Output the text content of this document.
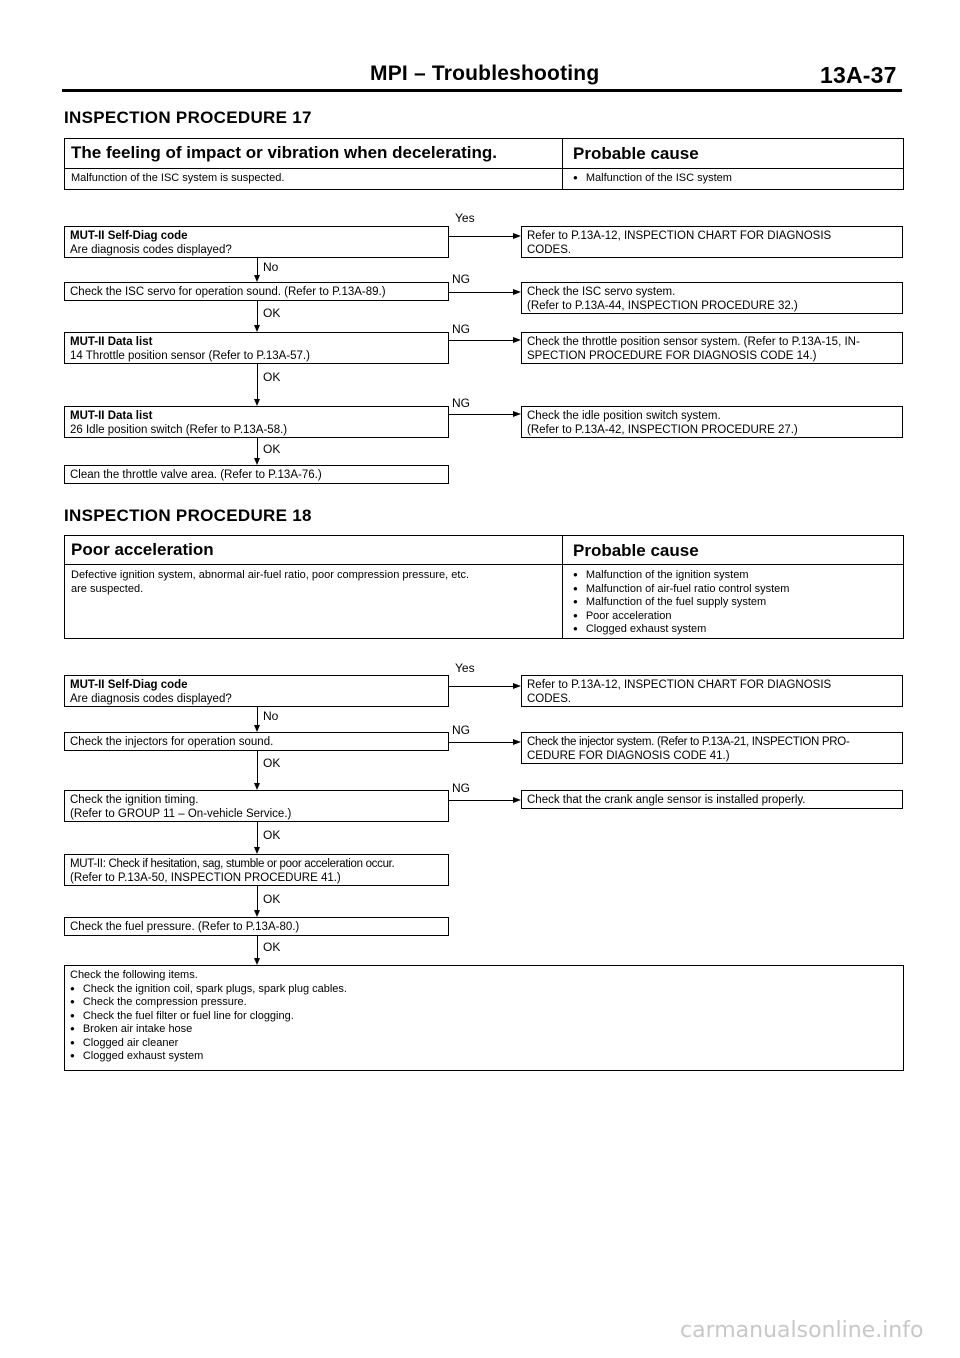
MPI – Troubleshooting	13A-37
INSPECTION PROCEDURE 17
The feeling of impact or vibration when decelerating.	Probable cause
Malfunction of the ISC system is suspected.
●	Malfunction of the ISC system
MUT-II Self-Diag code
Are diagnosis codes displayed?
Check the ISC servo for operation sound. (Refer to P.13A-89.)
MUT-II Data list
14 Throttle position sensor (Refer to P.13A-57.)
MUT-II Data list
26 Idle position switch (Refer to P.13A-58.)
Clean the throttle valve area. (Refer to P.13A-76.)
Refer to P.13A-12, INSPECTION CHART FOR DIAGNOSIS
CODES.
Check the ISC servo system.
(Refer to P.13A-44, INSPECTION PROCEDURE 32.)
Check the throttle position sensor system. (Refer to P.13A-15, IN-
SPECTION PROCEDURE FOR DIAGNOSIS CODE 14.)
Check the idle position switch system.
(Refer to P.13A-42, INSPECTION PROCEDURE 27.)
Yes
NG
NG
NG
No
OK
OK
OK
INSPECTION PROCEDURE 18
Poor acceleration	Probable cause
Defective ignition system, abnormal air-fuel ratio, poor compression pressure, etc.
are suspected.
● Malfunction of the ignition system
● Malfunction of air-fuel ratio control system
● Malfunction of the fuel supply system
● Poor acceleration
● Clogged exhaust system
MUT-II Self-Diag code
Are diagnosis codes displayed?
Check the injectors for operation sound.
Check the ignition timing.
(Refer to GROUP 11 – On-vehicle Service.)
MUT-II: Check if hesitation, sag, stumble or poor acceleration occur.
(Refer to P.13A-50, INSPECTION PROCEDURE 41.)
Check the fuel pressure. (Refer to P.13A-80.)
Refer to P.13A-12, INSPECTION CHART FOR DIAGNOSIS
CODES.
Check the injector system. (Refer to P.13A-21, INSPECTION PRO-
CEDURE FOR DIAGNOSIS CODE 41.)
Check that the crank angle sensor is installed properly.
Yes
NG
NG
No
OK
OK
OK
OK
Check the following items.
● Check the ignition coil, spark plugs, spark plug cables.
● Check the compression pressure.
● Check the fuel filter or fuel line for clogging.
● Broken air intake hose
● Clogged air cleaner
● Clogged exhaust system
carmanualsonline.info
